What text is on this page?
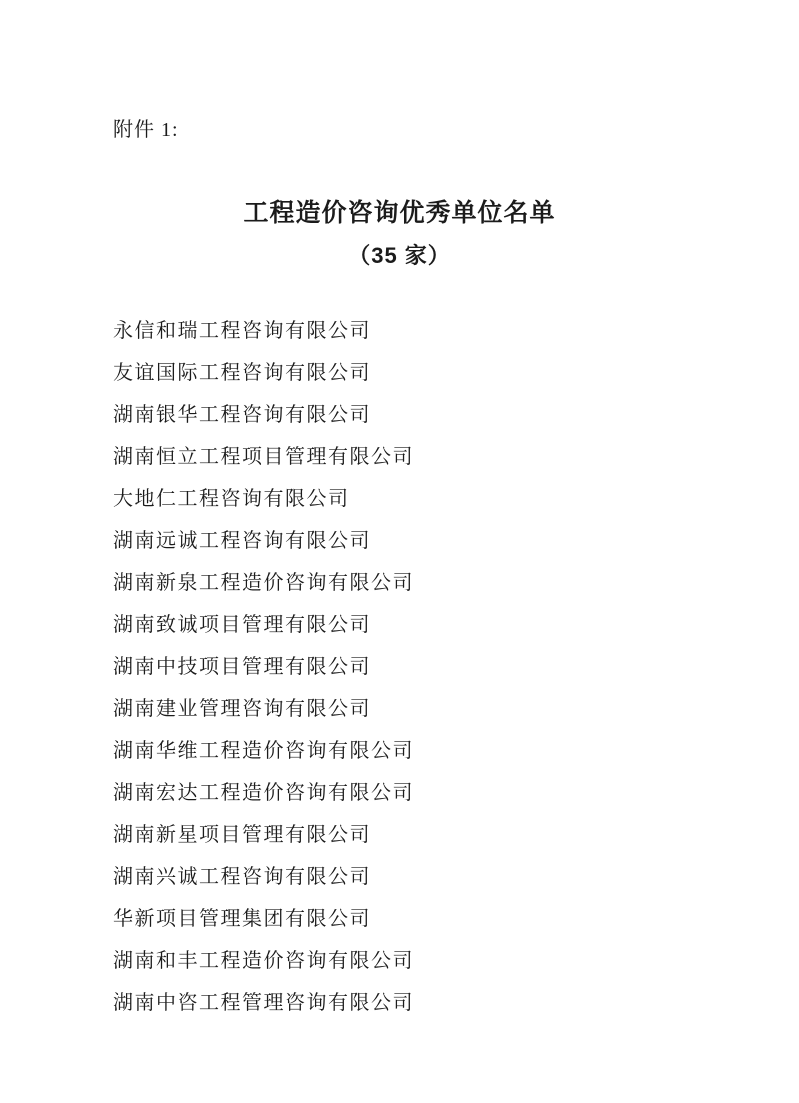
附件 1:
工程造价咨询优秀单位名单
（35 家）
永信和瑞工程咨询有限公司
友谊国际工程咨询有限公司
湖南银华工程咨询有限公司
湖南恒立工程项目管理有限公司
大地仁工程咨询有限公司
湖南远诚工程咨询有限公司
湖南新泉工程造价咨询有限公司
湖南致诚项目管理有限公司
湖南中技项目管理有限公司
湖南建业管理咨询有限公司
湖南华维工程造价咨询有限公司
湖南宏达工程造价咨询有限公司
湖南新星项目管理有限公司
湖南兴诚工程咨询有限公司
华新项目管理集团有限公司
湖南和丰工程造价咨询有限公司
湖南中咨工程管理咨询有限公司
